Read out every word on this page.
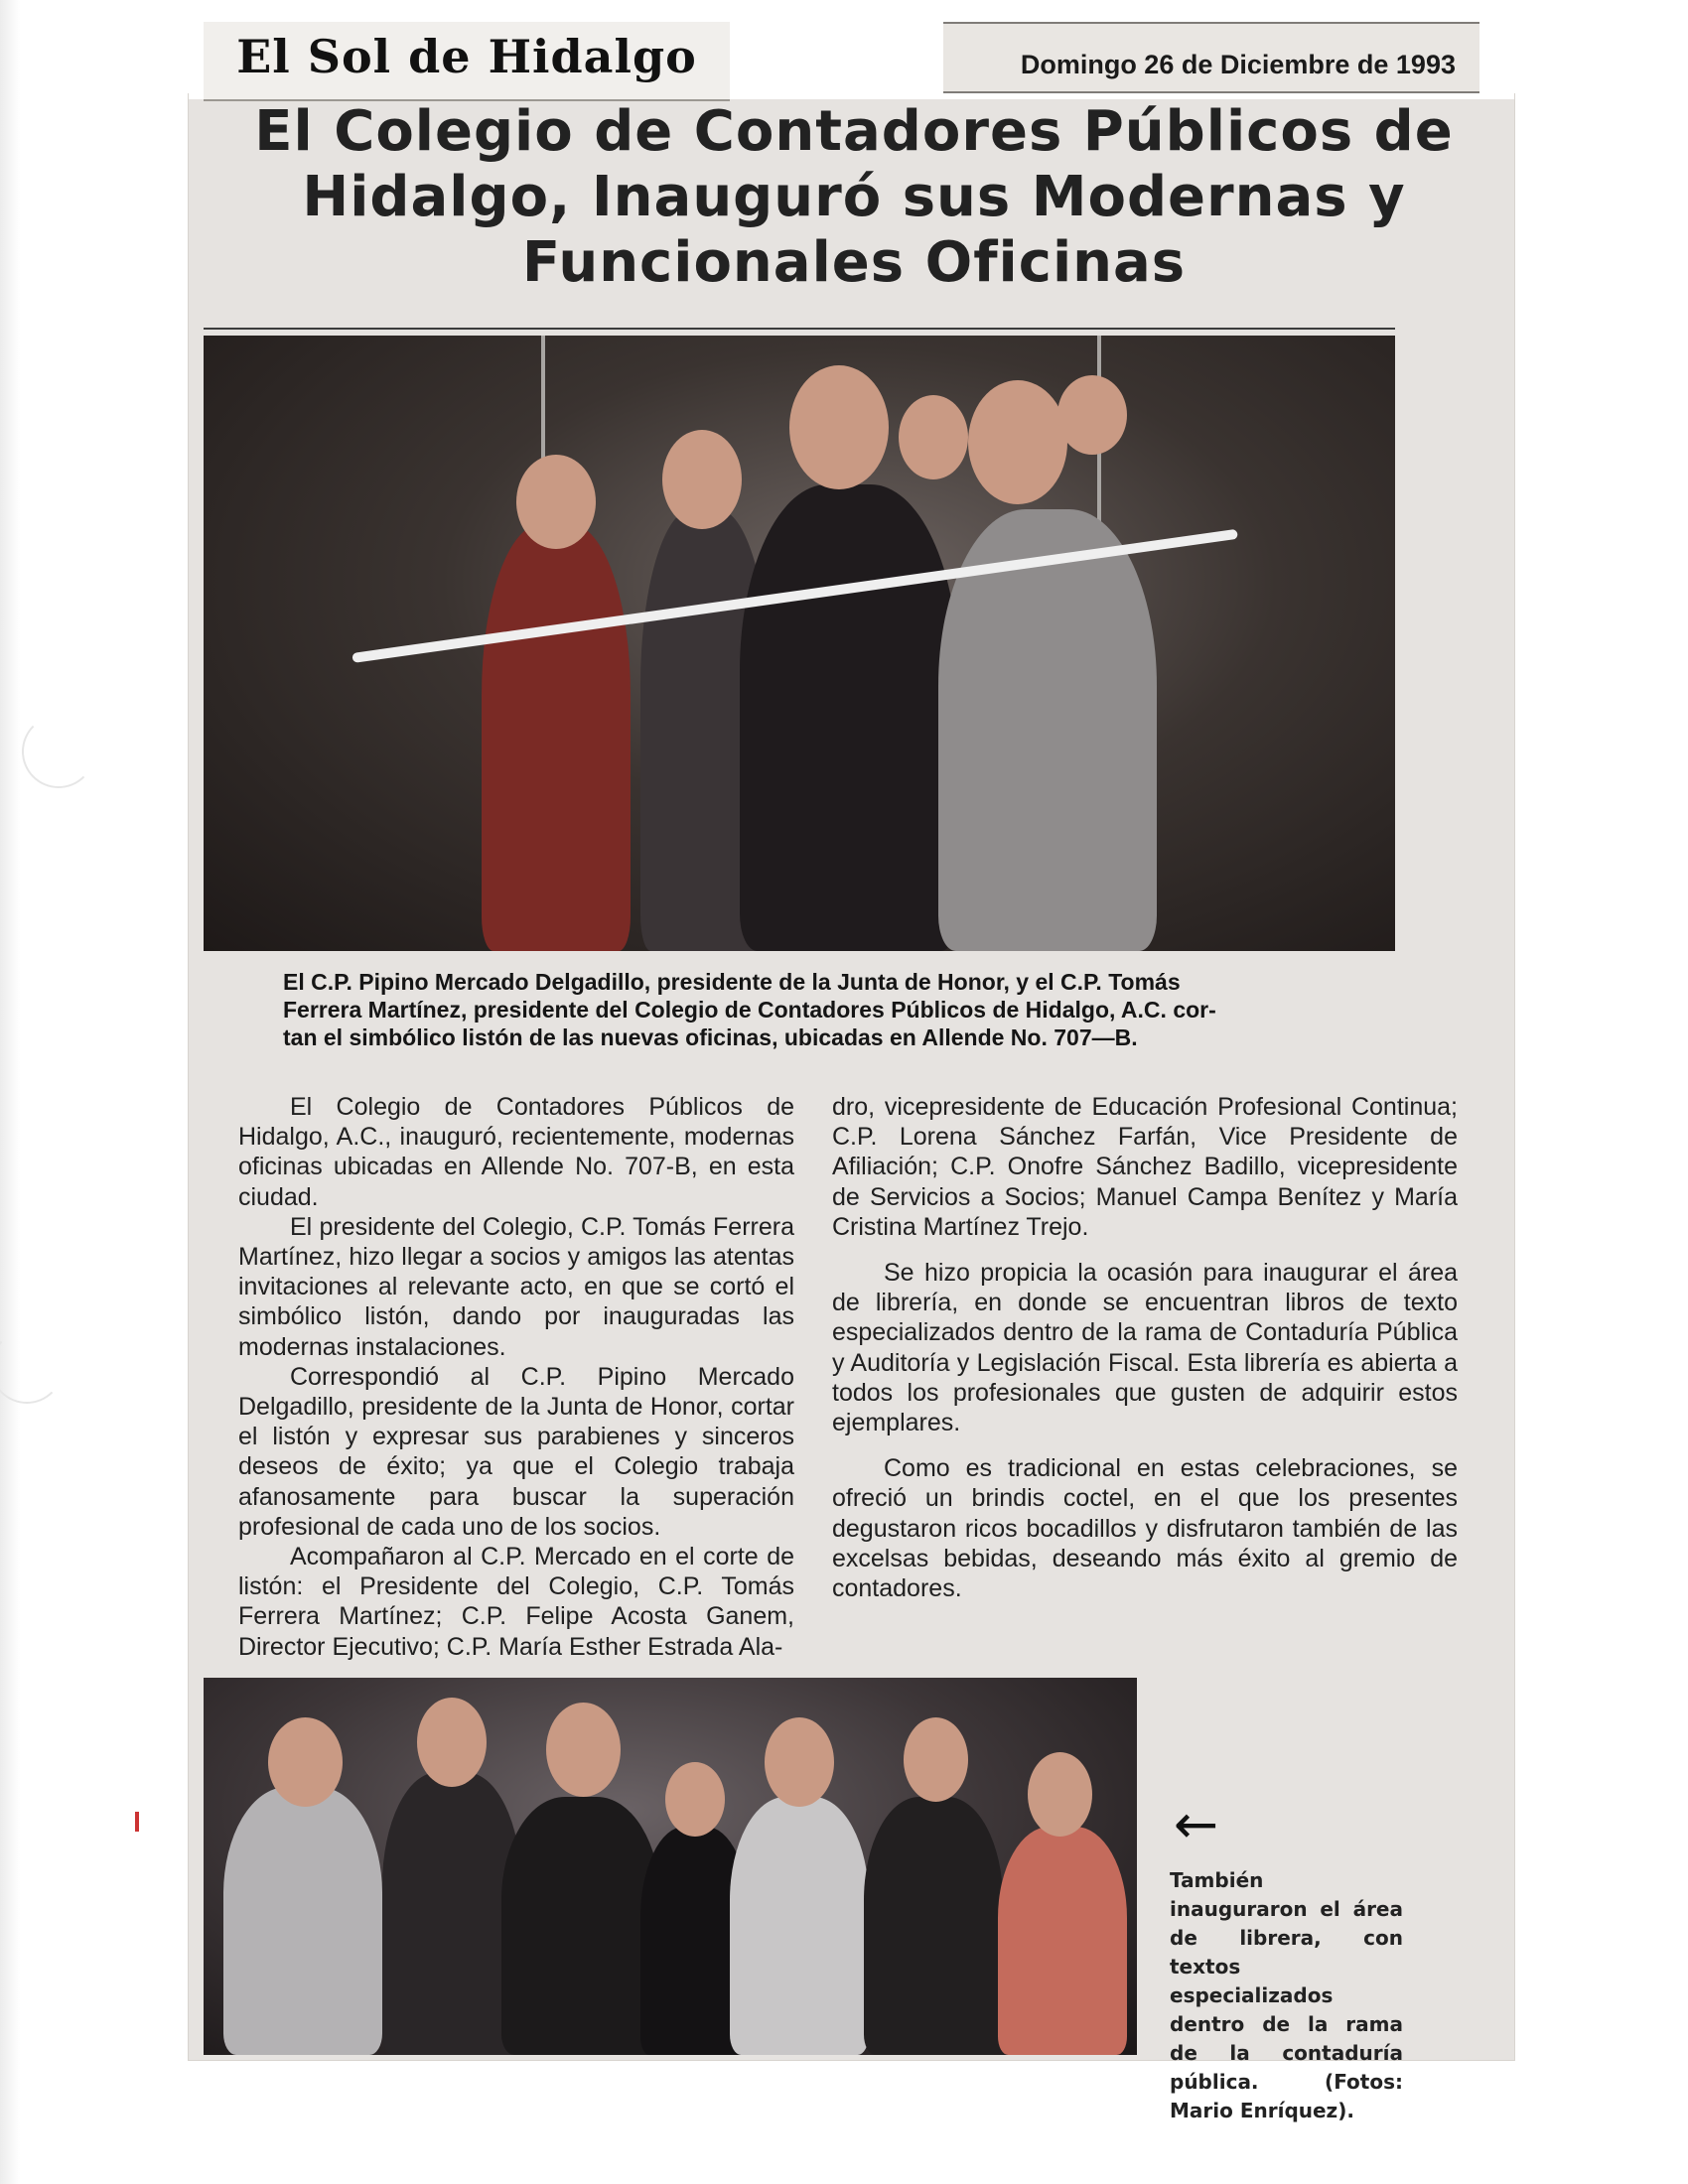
El Sol de Hidalgo	Domingo 26 de Diciembre de 1993
El Colegio de Contadores Públicos de
Hidalgo, Inauguró sus Modernas y
Funcionales Oficinas
El C.P. Pipino Mercado Delgadillo, presidente de la Junta de Honor, y el C.P. Tomás
Ferrera Martínez, presidente del Colegio de Contadores Públicos de Hidalgo, A.C. cor-
tan el simbólico listón de las nuevas oficinas, ubicadas en Allende No. 707—B.

El Colegio de Contadores Públicos de Hidalgo, A.C., inauguró, recientemente, modernas oficinas ubicadas en Allende No. 707-B, en esta ciudad.

El presidente del Colegio, C.P. Tomás Ferrera Martínez, hizo llegar a socios y amigos las atentas invitaciones al relevante acto, en que se cortó el simbólico listón, dando por inauguradas las modernas instalaciones.

Correspondió al C.P. Pipino Mercado Delgadillo, presidente de la Junta de Honor, cortar el listón y expresar sus parabienes y sinceros deseos de éxito; ya que el Colegio trabaja afanosamente para buscar la superación profesional de cada uno de los socios.

Acompañaron al C.P. Mercado en el corte de listón: el Presidente del Colegio, C.P. Tomás Ferrera Martínez; C.P. Felipe Acosta Ganem, Director Ejecutivo; C.P. María Esther Estrada Ala-

dro, vicepresidente de Educación Profesional Continua; C.P. Lorena Sánchez Farfán, Vice Presidente de Afiliación; C.P. Onofre Sánchez Badillo, vicepresidente de Servicios a Socios; Manuel Campa Benítez y María Cristina Martínez Trejo.

Se hizo propicia la ocasión para inaugurar el área de librería, en donde se encuentran libros de texto especializados dentro de la rama de Contaduría Pública y Auditoría y Legislación Fiscal. Esta librería es abierta a todos los profesionales que gusten de adquirir estos ejemplares.

Como es tradicional en estas celebraciones, se ofreció un brindis coctel, en el que los presentes degustaron ricos bocadillos y disfrutaron también de las excelsas bebidas, deseando más éxito al gremio de contadores.

←
También inauguraron el área de librera, con textos especializados dentro de la rama de la contaduría pública. (Fotos: Mario Enríquez).
